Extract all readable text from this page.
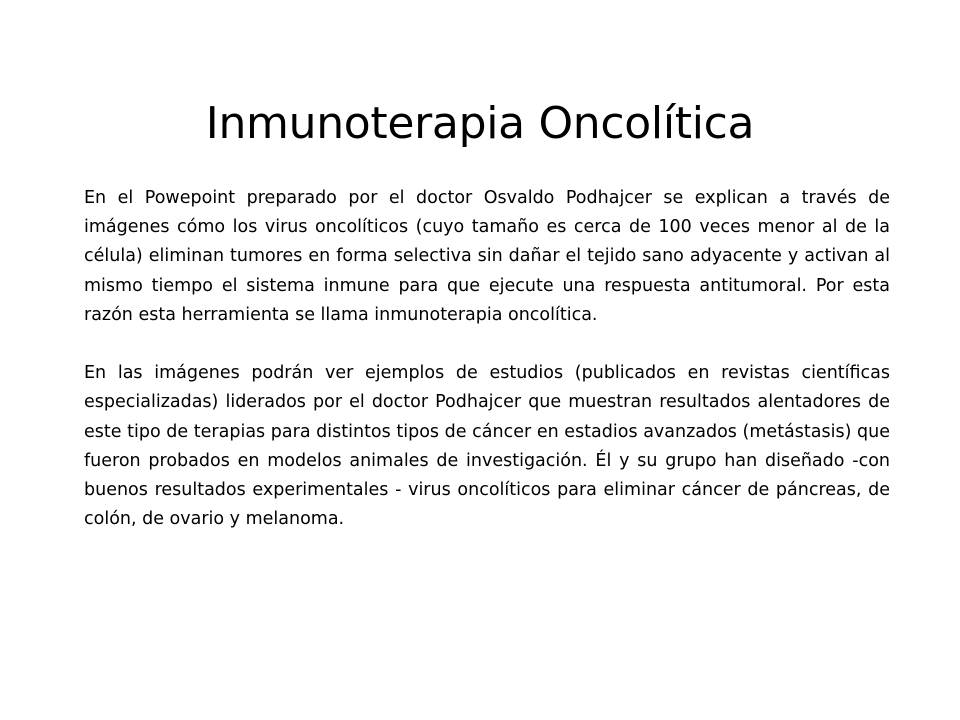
Inmunoterapia Oncolítica

En el Powepoint preparado por el doctor Osvaldo Podhajcer se explican a través de imágenes cómo los virus oncolíticos (cuyo tamaño es cerca de 100 veces menor al de la célula) eliminan tumores en forma selectiva sin dañar el tejido sano adyacente y activan al mismo tiempo el sistema inmune para que ejecute una respuesta antitumoral. Por esta razón esta herramienta se llama inmunoterapia oncolítica.

En las imágenes podrán ver ejemplos de estudios (publicados en revistas científicas especializadas) liderados por el doctor Podhajcer que muestran resultados alentadores de este tipo de terapias para distintos tipos de cáncer en estadios avanzados (metástasis) que fueron probados en modelos animales de investigación. Él y su grupo han diseñado -con buenos resultados experimentales - virus oncolíticos para eliminar cáncer de páncreas, de colón, de ovario y melanoma.
